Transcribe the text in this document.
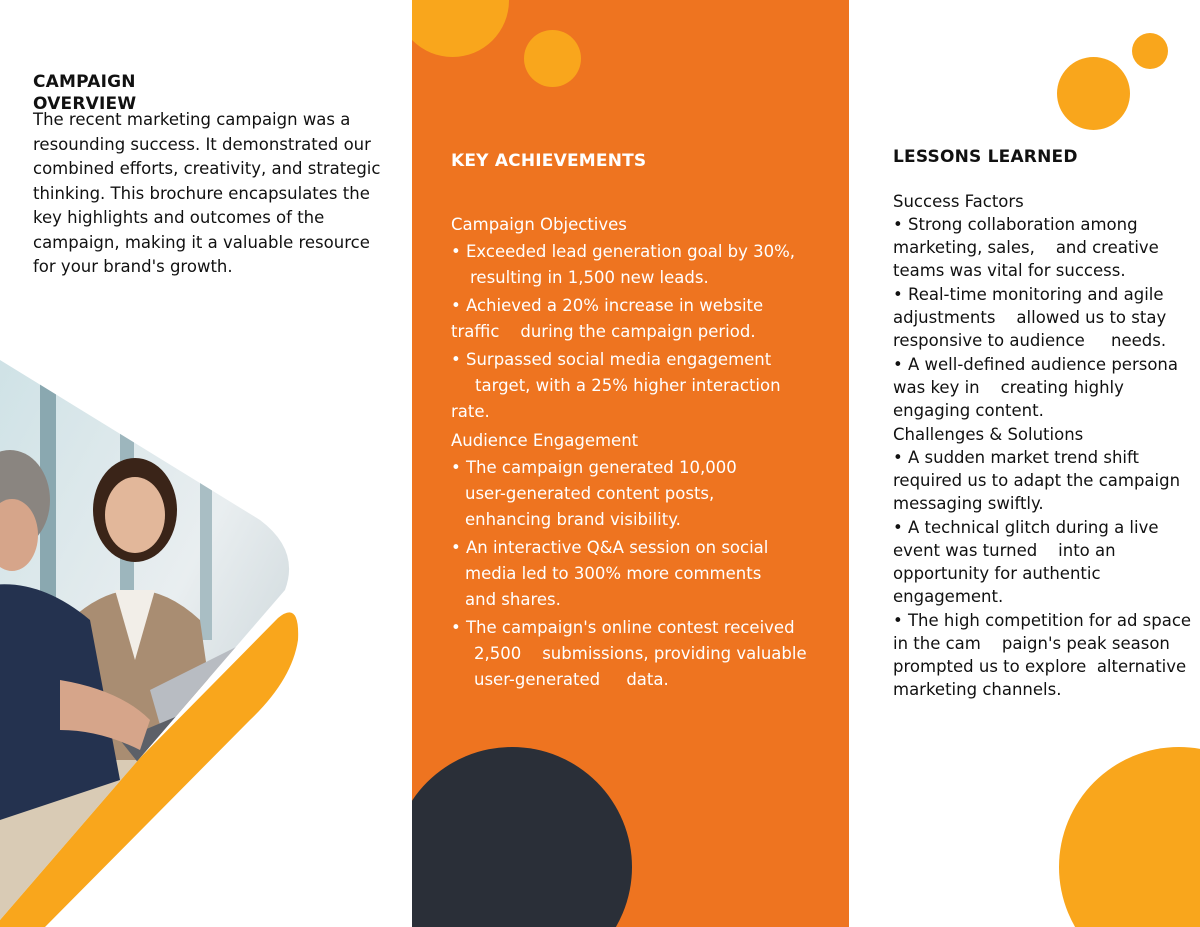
CAMPAIGN
OVERVIEW
The recent marketing campaign was a resounding success. It demonstrated our combined efforts, creativity, and strategic thinking. This brochure encapsulates the key highlights and outcomes of the campaign, making it a valuable resource for your brand's growth.
KEY ACHIEVEMENTS
Campaign Objectives
• Exceeded lead generation goal by 30%,
resulting in 1,500 new leads.
• Achieved a 20% increase in website
traffic    during the campaign period.
• Surpassed social media engagement
target, with a 25% higher interaction
rate.
Audience Engagement
• The campaign generated 10,000
user-generated content posts,
enhancing brand visibility.
• An interactive Q&A session on social
media led to 300% more comments
and shares.
• The campaign's online contest received
2,500    submissions, providing valuable
user-generated     data.
LESSONS LEARNED
Success Factors
• Strong collaboration among  marketing, sales,    and creative teams was vital for success.
• Real-time monitoring and agile adjustments    allowed us to stay responsive to audience     needs.
• A well-defined audience persona was key in    creating highly engaging content.
Challenges & Solutions
• A sudden market trend shift required us to adapt the campaign messaging swiftly.
• A technical glitch during a live event was turned    into an opportunity for authentic engagement.
• The high competition for ad space in the cam    paign's peak season prompted us to explore  alternative marketing channels.
